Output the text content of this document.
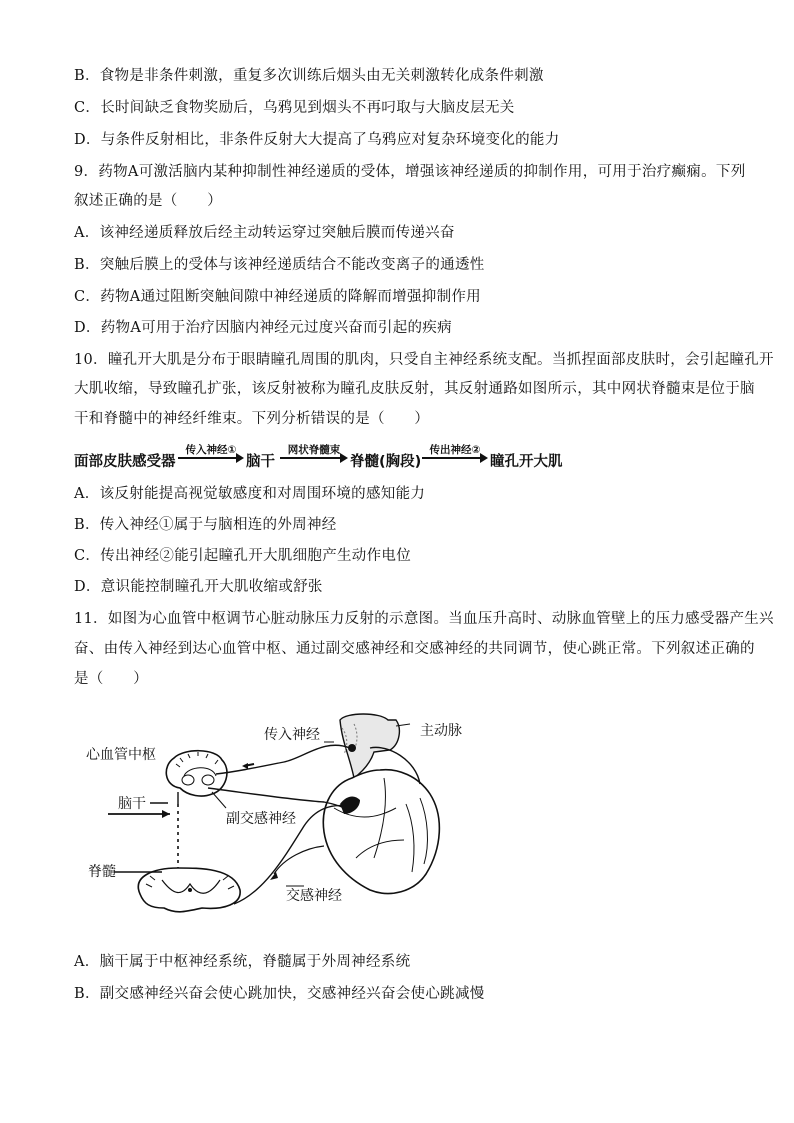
B．食物是非条件刺激，重复多次训练后烟头由无关刺激转化成条件刺激
C．长时间缺乏食物奖励后，乌鸦见到烟头不再叼取与大脑皮层无关
D．与条件反射相比，非条件反射大大提高了乌鸦应对复杂环境变化的能力
9．药物A可激活脑内某种抑制性神经递质的受体，增强该神经递质的抑制作用，可用于治疗癫痫。下列
叙述正确的是（　　）
A．该神经递质释放后经主动转运穿过突触后膜而传递兴奋
B．突触后膜上的受体与该神经递质结合不能改变离子的通透性
C．药物A通过阻断突触间隙中神经递质的降解而增强抑制作用
D．药物A可用于治疗因脑内神经元过度兴奋而引起的疾病
10．瞳孔开大肌是分布于眼睛瞳孔周围的肌肉，只受自主神经系统支配。当抓捏面部皮肤时，会引起瞳孔开
大肌收缩，导致瞳孔扩张，该反射被称为瞳孔皮肤反射，其反射通路如图所示，其中网状脊髓束是位于脑
干和脊髓中的神经纤维束。下列分析错误的是（　　）
面部皮肤感受器
传入神经①
脑干
网状脊髓束
脊髓(胸段)
传出神经②
瞳孔开大肌
A．该反射能提高视觉敏感度和对周围环境的感知能力
B．传入神经①属于与脑相连的外周神经
C．传出神经②能引起瞳孔开大肌细胞产生动作电位
D．意识能控制瞳孔开大肌收缩或舒张
11．如图为心血管中枢调节心脏动脉压力反射的示意图。当血压升高时、动脉血管壁上的压力感受器产生兴
奋、由传入神经到达心血管中枢、通过副交感神经和交感神经的共同调节，使心跳正常。下列叙述正确的
是（　　）
心血管中枢
脑干
脊髓
传入神经	主动脉
副交感神经
交感神经
A．脑干属于中枢神经系统，脊髓属于外周神经系统
B．副交感神经兴奋会使心跳加快，交感神经兴奋会使心跳减慢
